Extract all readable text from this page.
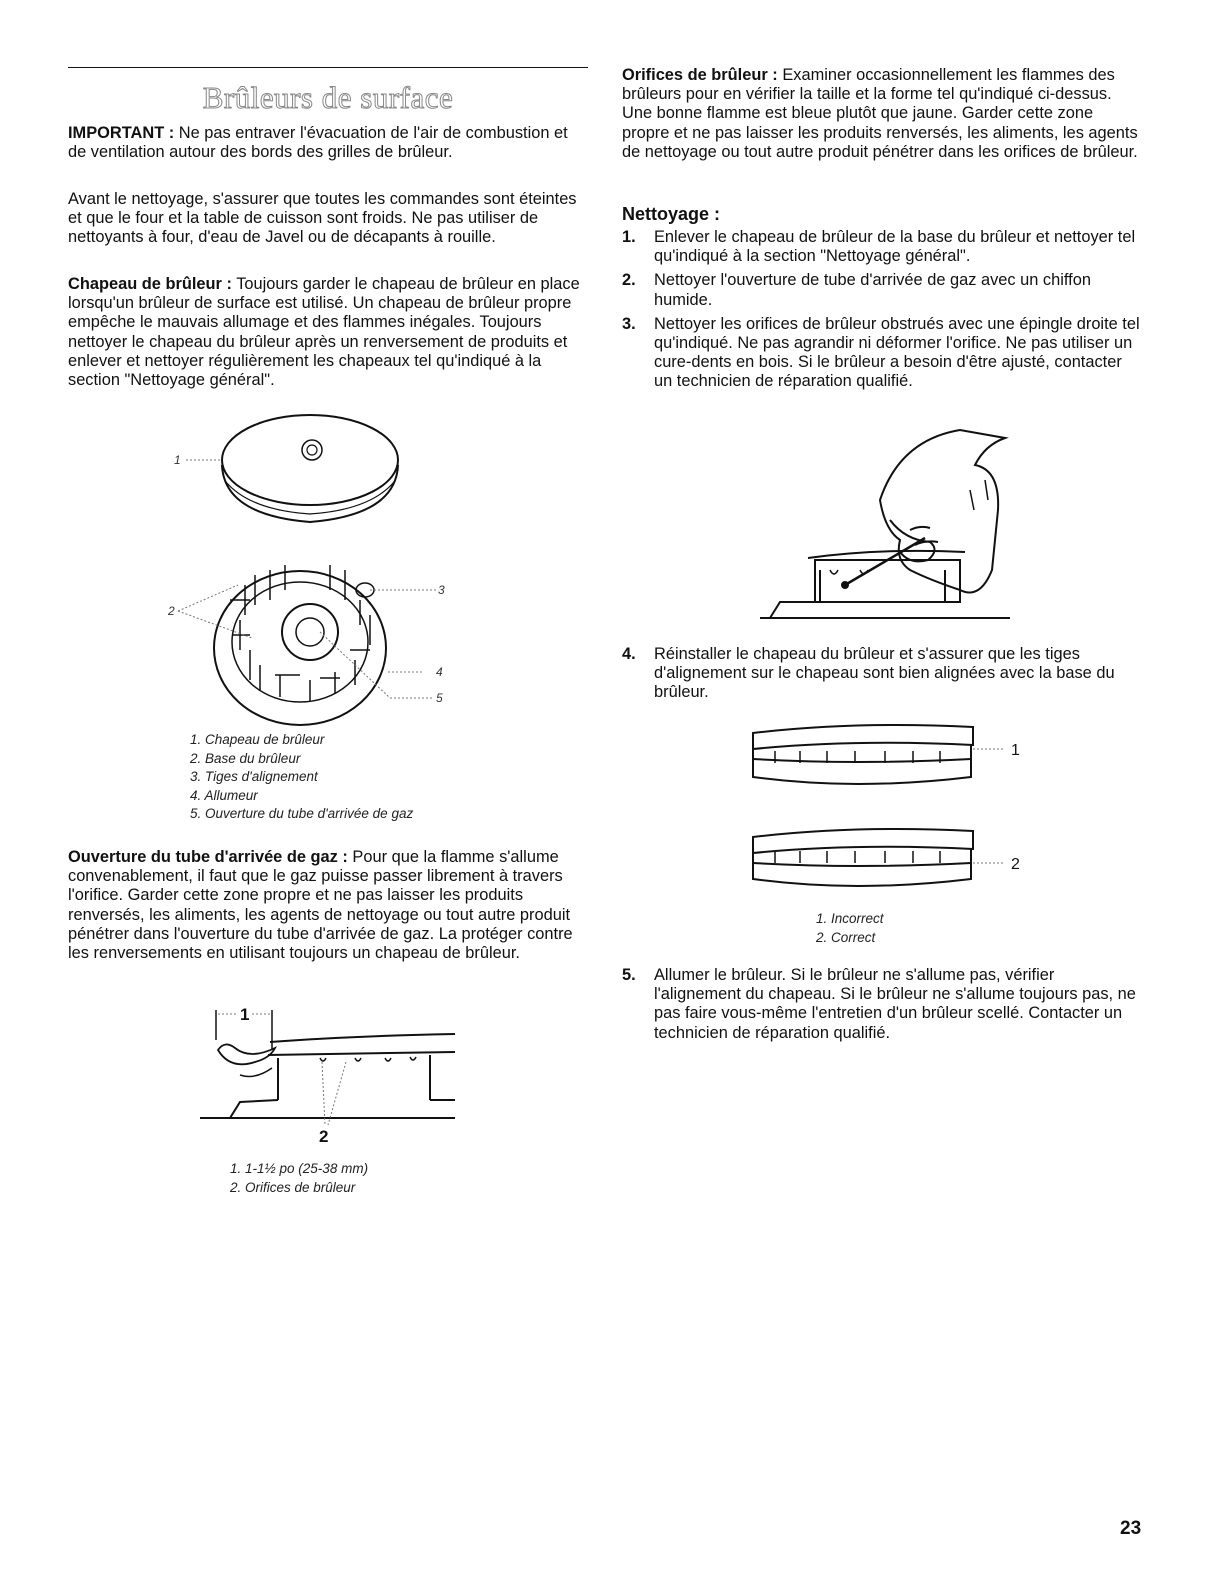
Brûleurs de surface

IMPORTANT : Ne pas entraver l'évacuation de l'air de combustion et de ventilation autour des bords des grilles de brûleur.

Avant le nettoyage, s'assurer que toutes les commandes sont éteintes et que le four et la table de cuisson sont froids. Ne pas utiliser de nettoyants à four, d'eau de Javel ou de décapants à rouille.

Chapeau de brûleur : Toujours garder le chapeau de brûleur en place lorsqu'un brûleur de surface est utilisé. Un chapeau de brûleur propre empêche le mauvais allumage et des flammes inégales. Toujours nettoyer le chapeau du brûleur après un renversement de produits et enlever et nettoyer régulièrement les chapeaux tel qu'indiqué à la section "Nettoyage général".

1
2
3
4
5
1. Chapeau de brûleur
2. Base du brûleur
3. Tiges d'alignement
4. Allumeur
5. Ouverture du tube d'arrivée de gaz

Ouverture du tube d'arrivée de gaz : Pour que la flamme s'allume convenablement, il faut que le gaz puisse passer librement à travers l'orifice. Garder cette zone propre et ne pas laisser les produits renversés, les aliments, les agents de nettoyage ou tout autre produit pénétrer dans l'ouverture du tube d'arrivée de gaz. La protéger contre les renversements en utilisant toujours un chapeau de brûleur.

1
2
1. 1-1½ po (25-38 mm)
2. Orifices de brûleur

Orifices de brûleur : Examiner occasionnellement les flammes des brûleurs pour en vérifier la taille et la forme tel qu'indiqué ci-dessus. Une bonne flamme est bleue plutôt que jaune. Garder cette zone propre et ne pas laisser les produits renversés, les aliments, les agents de nettoyage ou tout autre produit pénétrer dans les orifices de brûleur.

Nettoyage :
1. Enlever le chapeau de brûleur de la base du brûleur et nettoyer tel qu'indiqué à la section "Nettoyage général".
2. Nettoyer l'ouverture de tube d'arrivée de gaz avec un chiffon humide.
3. Nettoyer les orifices de brûleur obstrués avec une épingle droite tel qu'indiqué. Ne pas agrandir ni déformer l'orifice. Ne pas utiliser un cure-dents en bois. Si le brûleur a besoin d'être ajusté, contacter un technicien de réparation qualifié.
4. Réinstaller le chapeau du brûleur et s'assurer que les tiges d'alignement sur le chapeau sont bien alignées avec la base du brûleur.
1
2
1. Incorrect
2. Correct
5. Allumer le brûleur. Si le brûleur ne s'allume pas, vérifier l'alignement du chapeau. Si le brûleur ne s'allume toujours pas, ne pas faire vous-même l'entretien d'un brûleur scellé. Contacter un technicien de réparation qualifié.
23
